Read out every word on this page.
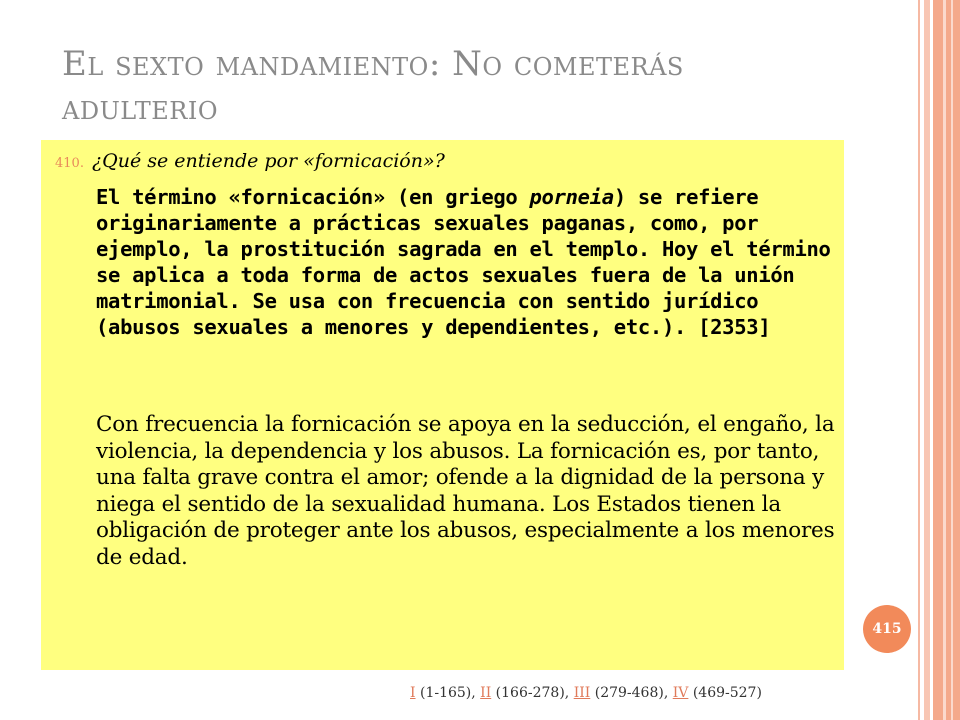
El sexto mandamiento: No cometerás
adulterio
410. ¿Qué se entiende por «fornicación»?

El término «fornicación» (en griego porneia) se refiere originariamente a prácticas sexuales paganas, como, por ejemplo, la prostitución sagrada en el templo. Hoy el término se aplica a toda forma de actos sexuales fuera de la unión matrimonial. Se usa con frecuencia con sentido jurídico (abusos sexuales a menores y dependientes, etc.). [2353]

Con frecuencia la fornicación se apoya en la seducción, el engaño, la violencia, la dependencia y los abusos. La fornicación es, por tanto, una falta grave contra el amor; ofende a la dignidad de la persona y niega el sentido de la sexualidad humana. Los Estados tienen la obligación de proteger ante los abusos, especialmente a los menores de edad.

415
I (1-165), II (166-278), III (279-468), IV (469-527)
